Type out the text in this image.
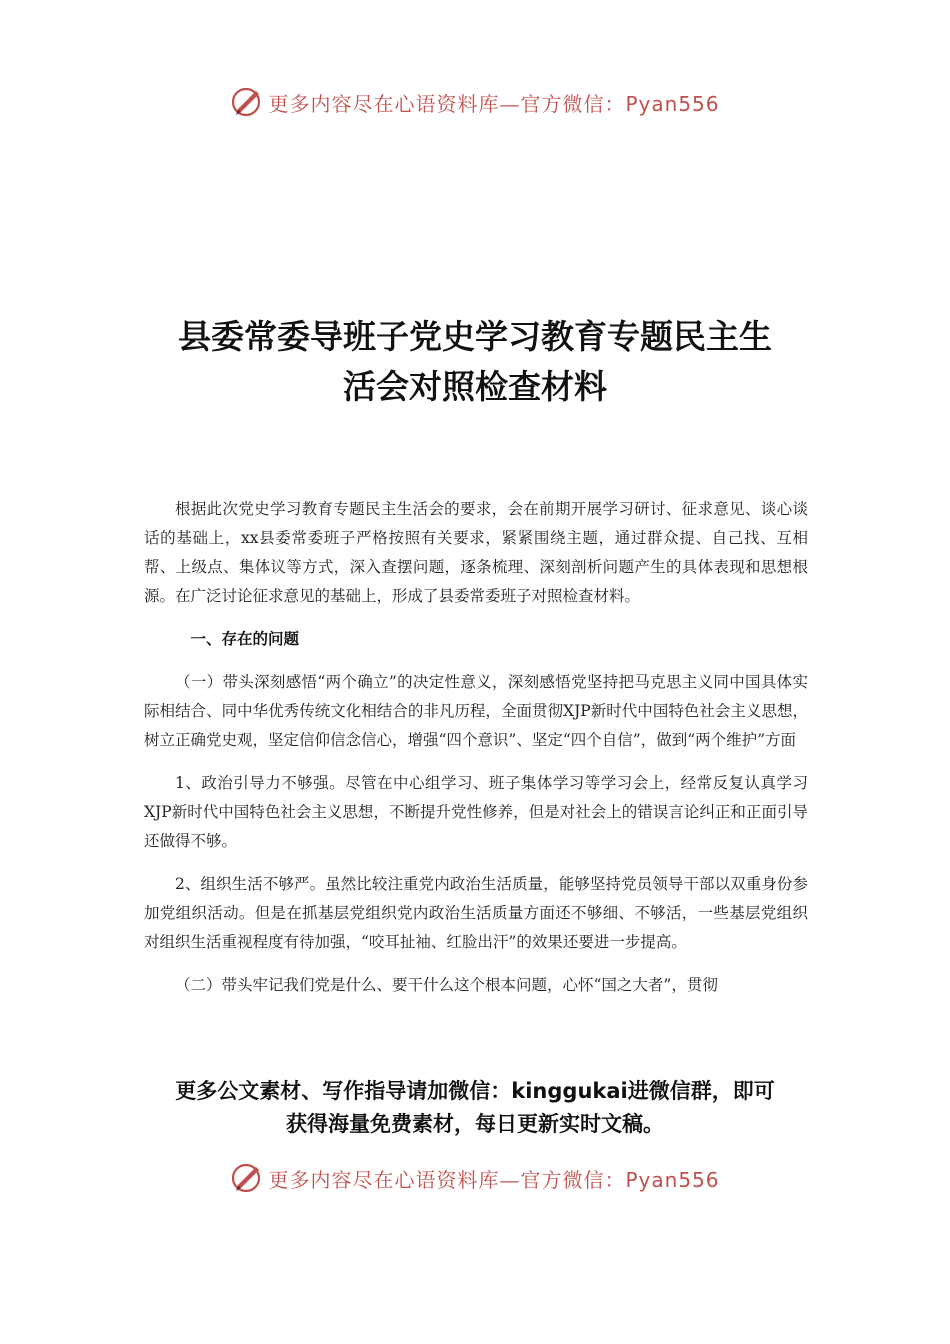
更多内容尽在心语资料库—官方微信：Pyan556
县委常委导班子党史学习教育专题民主生
活会对照检查材料

根据此次党史学习教育专题民主生活会的要求，会在前期开展学习研讨、征求意见、谈心谈话的基础上，xx县委常委班子严格按照有关要求，紧紧围绕主题，通过群众提、自己找、互相帮、上级点、集体议等方式，深入查摆问题，逐条梳理、深刻剖析问题产生的具体表现和思想根源。在广泛讨论征求意见的基础上，形成了县委常委班子对照检查材料。

一、存在的问题

（一）带头深刻感悟“两个确立”的决定性意义，深刻感悟党坚持把马克思主义同中国具体实际相结合、同中华优秀传统文化相结合的非凡历程，全面贯彻XJP新时代中国特色社会主义思想，树立正确党史观，坚定信仰信念信心，增强“四个意识”、坚定“四个自信”，做到“两个维护”方面

1、政治引导力不够强。尽管在中心组学习、班子集体学习等学习会上，经常反复认真学习XJP新时代中国特色社会主义思想，不断提升党性修养，但是对社会上的错误言论纠正和正面引导还做得不够。

2、组织生活不够严。虽然比较注重党内政治生活质量，能够坚持党员领导干部以双重身份参加党组织活动。但是在抓基层党组织党内政治生活质量方面还不够细、不够活，一些基层党组织对组织生活重视程度有待加强，“咬耳扯袖、红脸出汗”的效果还要进一步提高。

（二）带头牢记我们党是什么、要干什么这个根本问题，心怀“国之大者”，贯彻

更多公文素材、写作指导请加微信：kinggukai进微信群，即可
获得海量免费素材，每日更新实时文稿。
更多内容尽在心语资料库—官方微信：Pyan556
